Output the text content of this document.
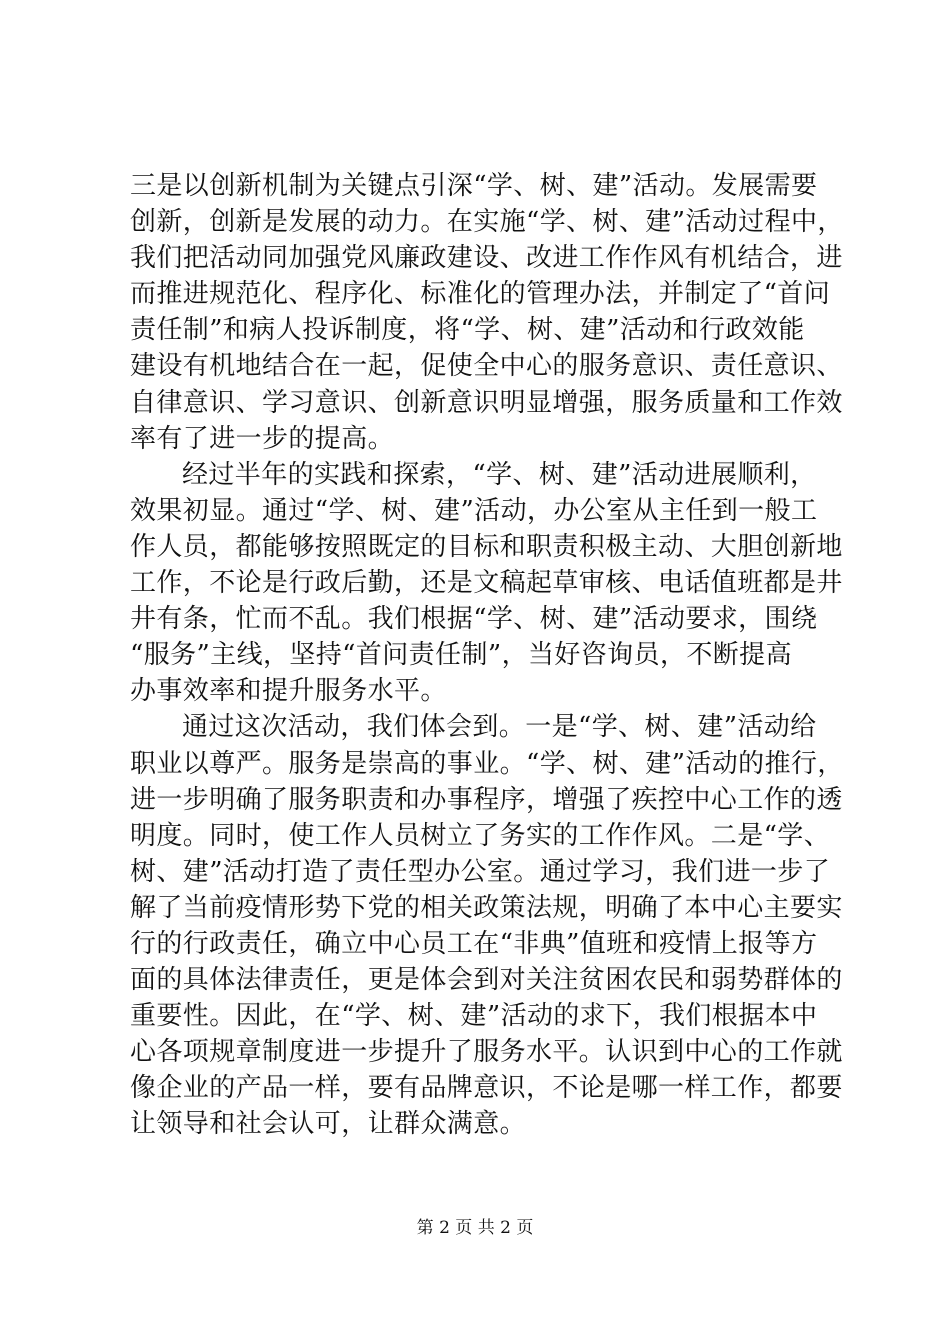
三是以创新机制为关键点引深“学、树、建”活动。发展需要
创新，创新是发展的动力。在实施“学、树、建”活动过程中，
我们把活动同加强党风廉政建设、改进工作作风有机结合，进
而推进规范化、程序化、标准化的管理办法，并制定了“首问
责任制”和病人投诉制度，将“学、树、建”活动和行政效能
建设有机地结合在一起，促使全中心的服务意识、责任意识、
自律意识、学习意识、创新意识明显增强，服务质量和工作效
率有了进一步的提高。
经过半年的实践和探索，“学、树、建”活动进展顺利，
效果初显。通过“学、树、建”活动，办公室从主任到一般工
作人员，都能够按照既定的目标和职责积极主动、大胆创新地
工作，不论是行政后勤，还是文稿起草审核、电话值班都是井
井有条，忙而不乱。我们根据“学、树、建”活动要求，围绕
“服务”主线，坚持“首问责任制”，当好咨询员，不断提高
办事效率和提升服务水平。
通过这次活动，我们体会到。一是“学、树、建”活动给
职业以尊严。服务是崇高的事业。“学、树、建”活动的推行，
进一步明确了服务职责和办事程序，增强了疾控中心工作的透
明度。同时，使工作人员树立了务实的工作作风。二是“学、
树、建”活动打造了责任型办公室。通过学习，我们进一步了
解了当前疫情形势下党的相关政策法规，明确了本中心主要实
行的行政责任，确立中心员工在“非典”值班和疫情上报等方
面的具体法律责任，更是体会到对关注贫困农民和弱势群体的
重要性。因此，在“学、树、建”活动的求下，我们根据本中
心各项规章制度进一步提升了服务水平。认识到中心的工作就
像企业的产品一样，要有品牌意识，不论是哪一样工作，都要
让领导和社会认可，让群众满意。
第 2 页 共 2 页
